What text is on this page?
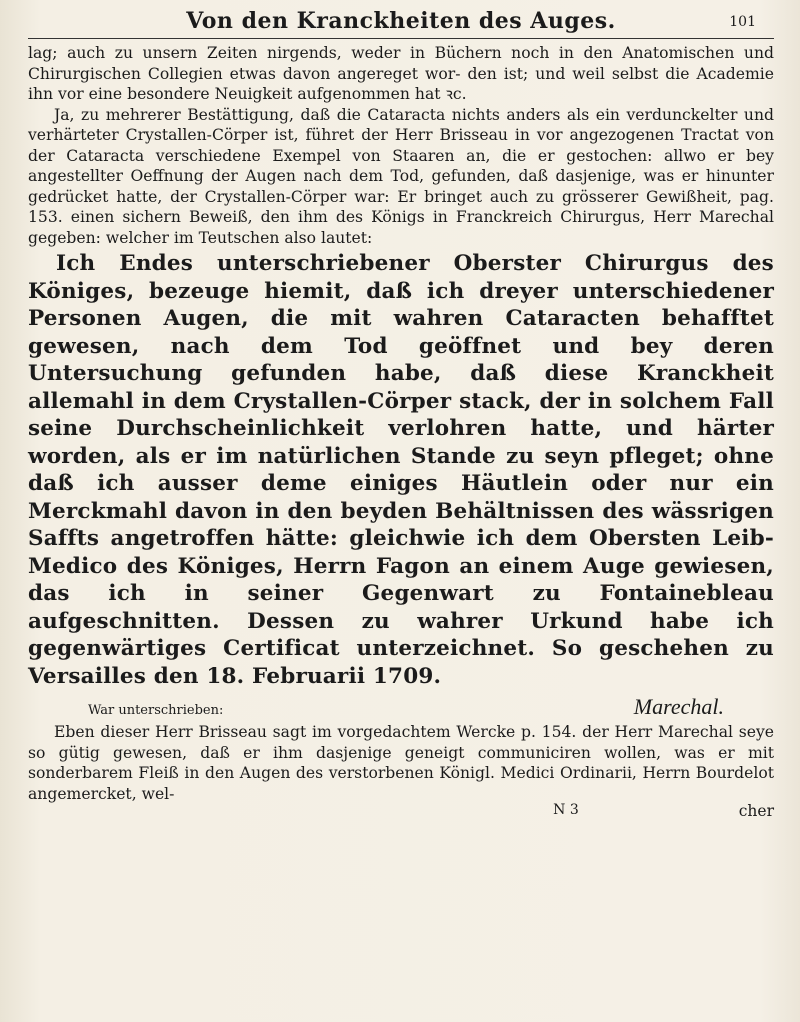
Von den Kranckheiten des Auges.	101

lag; auch zu unsern Zeiten nirgends, weder in Büchern noch in den Anatomischen und Chirurgischen Collegien etwas davon angereget wor- den ist; und weil selbst die Academie ihn vor eine besondere Neuigkeit aufgenommen hat ꝛc.

Ja, zu mehrerer Bestättigung, daß die Cataracta nichts anders als ein verdunckelter und verhärteter Crystallen-Cörper ist, führet der Herr Brisseau in vor angezogenen Tractat von der Cataracta verschiedene Exempel von Staaren an, die er gestochen: allwo er bey angestellter Oeffnung der Augen nach dem Tod, gefunden, daß dasjenige, was er hinunter gedrücket hatte, der Crystallen-Cörper war: Er bringet auch zu grösserer Gewißheit, pag. 153. einen sichern Beweiß, den ihm des Königs in Franckreich Chirurgus, Herr Marechal gegeben: welcher im Teutschen also lautet:

Ich Endes unterschriebener Oberster Chirurgus des Königes, bezeuge hiemit, daß ich dreyer unterschiedener Personen Augen, die mit wahren Cataracten behafftet gewesen, nach dem Tod geöffnet und bey deren Untersuchung gefunden habe, daß diese Kranckheit allemahl in dem Crystallen-Cörper stack, der in solchem Fall seine Durchscheinlichkeit verlohren hatte, und härter worden, als er im natürlichen Stande zu seyn pfleget; ohne daß ich ausser deme einiges Häutlein oder nur ein Merckmahl davon in den beyden Behältnissen des wässrigen Saffts angetroffen hätte: gleichwie ich dem Obersten Leib-Medico des Königes, Herrn Fagon an einem Auge gewiesen, das ich in seiner Gegenwart zu Fontainebleau aufgeschnitten. Dessen zu wahrer Urkund habe ich gegenwärtiges Certificat unterzeichnet. So geschehen zu Versailles den 18. Februarii 1709.

War unterschrieben:	Marechal.

Eben dieser Herr Brisseau sagt im vorgedachtem Wercke p. 154. der Herr Marechal seye so gütig gewesen, daß er ihm dasjenige geneigt communiciren wollen, was er mit sonderbarem Fleiß in den Augen des verstorbenen Königl. Medici Ordinarii, Herrn Bourdelot angemercket, wel-

N 3	cher
